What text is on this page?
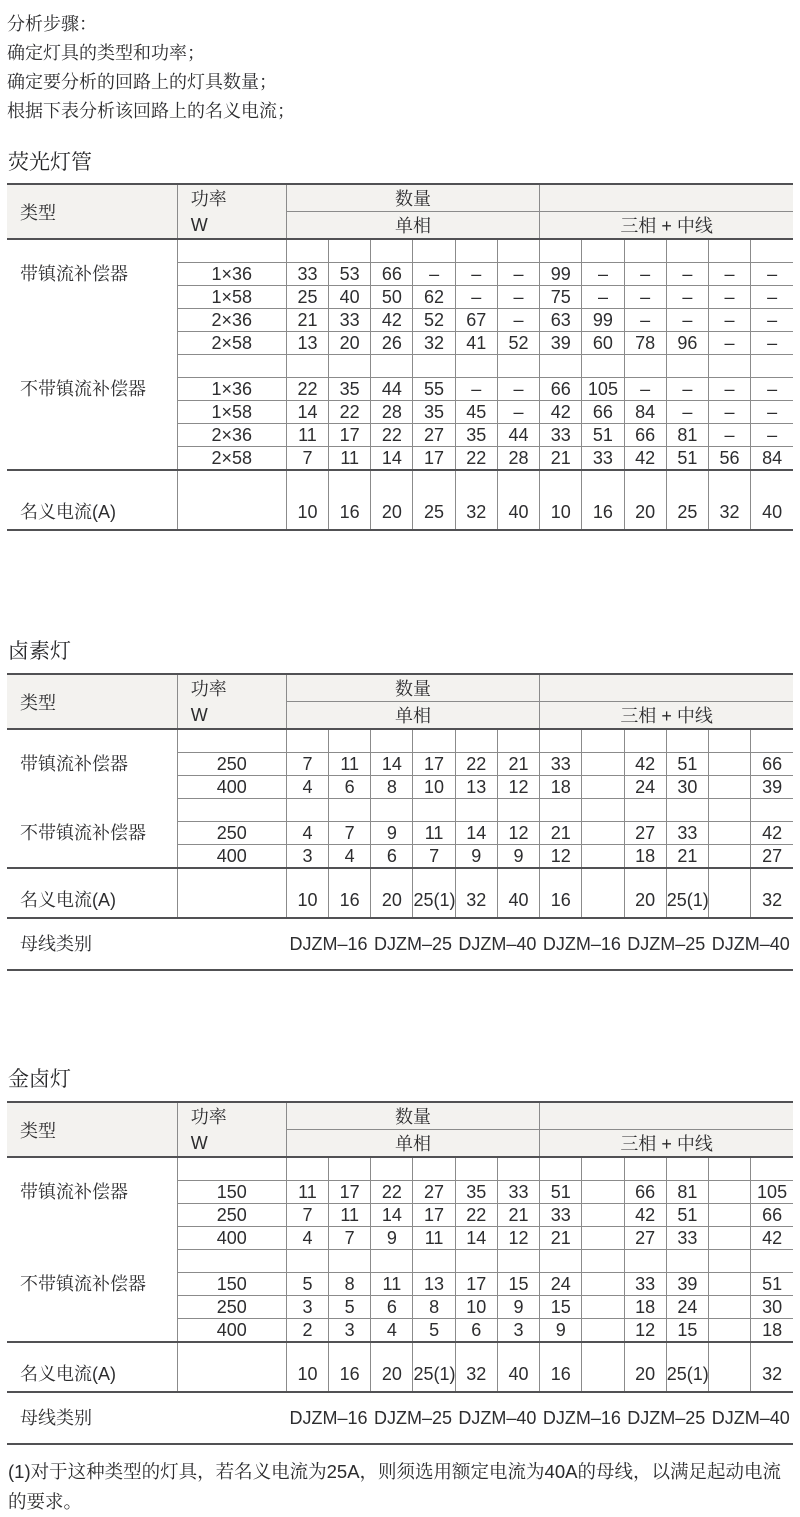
分析步骤：

确定灯具的类型和功率；

确定要分析的回路上的灯具数量；

根据下表分析该回路上的名义电流；

荧光灯管
类型	功率
W	数量											
		单相						三相 + 中线					

带镇流补偿器	1×36	33	53	66	–	–	–	99	–	–	–	–	–
	1×58	25	40	50	62	–	–	75	–	–	–	–	–
	2×36	21	33	42	52	67	–	63	99	–	–	–	–
	2×58	13	20	26	32	41	52	39	60	78	96	–	–

不带镇流补偿器	1×36	22	35	44	55	–	–	66	105	–	–	–	–
	1×58	14	22	28	35	45	–	42	66	84	–	–	–
	2×36	11	17	22	27	35	44	33	51	66	81	–	–
	2×58	7	11	14	17	22	28	21	33	42	51	56	84
名义电流(A)		10	16	20	25	32	40	10	16	20	25	32	40
卤素灯
类型	功率
W	数量											
		单相						三相 + 中线					

带镇流补偿器	250	7	11	14	17	22	21	33		42	51		66
	400	4	6	8	10	13	12	18		24	30		39

不带镇流补偿器	250	4	7	9	11	14	12	21		27	33		42
	400	3	4	6	7	9	9	12		18	21		27
名义电流(A)		10	16	20	25(1)	32	40	16		20	25(1)		32
母线类别		DJZM–16		DJZM–25		DJZM–40		DJZM–16		DJZM–25		DJZM–40	
金卤灯
类型	功率
W	数量											
		单相						三相 + 中线					

带镇流补偿器	150	11	17	22	27	35	33	51		66	81		105
	250	7	11	14	17	22	21	33		42	51		66
	400	4	7	9	11	14	12	21		27	33		42

不带镇流补偿器	150	5	8	11	13	17	15	24		33	39		51
	250	3	5	6	8	10	9	15		18	24		30
	400	2	3	4	5	6	3	9		12	15		18
名义电流(A)		10	16	20	25(1)	32	40	16		20	25(1)		32
母线类别		DJZM–16		DJZM–25		DJZM–40		DJZM–16		DJZM–25		DJZM–40	

(1)对于这种类型的灯具，若名义电流为25A，则须选用额定电流为40A的母线，以满足起动电流的要求。
